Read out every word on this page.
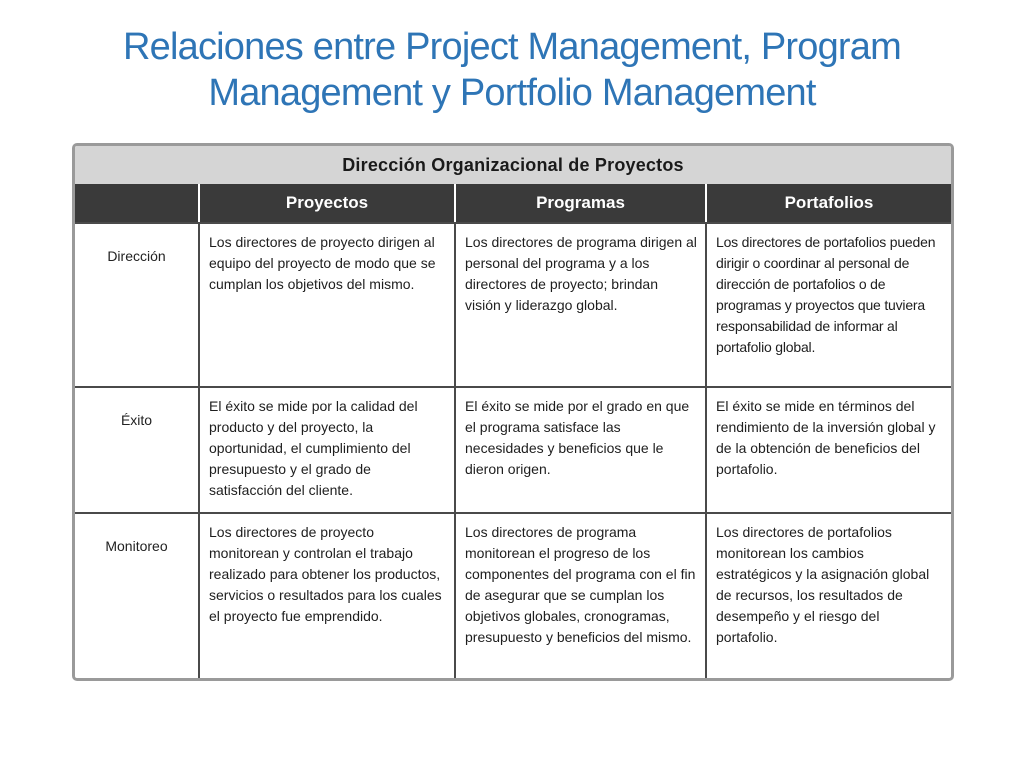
Relaciones entre Project Management, Program
Management y Portfolio Management
Dirección Organizacional de Proyectos
Proyectos	Programas	Portafolios
Dirección
Los directores de proyecto dirigen al equipo del proyecto de modo que se cumplan los objetivos del mismo.
Los directores de programa dirigen al personal del programa y a los directores de proyecto; brindan visión y liderazgo global.
Los directores de portafolios pueden dirigir o coordinar al personal de dirección de portafolios o de programas y proyectos que tuviera responsabilidad de informar al portafolio global.
Éxito
El éxito se mide por la calidad del producto y del proyecto, la oportunidad, el cumplimiento del presupuesto y el grado de satisfacción del cliente.
El éxito se mide por el grado en que el programa satisface las necesidades y beneficios que le dieron origen.
El éxito se mide en términos del rendimiento de la inversión global y de la obtención de beneficios del portafolio.
Monitoreo
Los directores de proyecto monitorean y controlan el trabajo realizado para obtener los productos, servicios o resultados para los cuales el proyecto fue emprendido.
Los directores de programa monitorean el progreso de los componentes del programa con el fin de asegurar que se cumplan los objetivos globales, cronogramas, presupuesto y beneficios del mismo.
Los directores de portafolios monitorean los cambios estratégicos y la asignación global de recursos, los resultados de desempeño y el riesgo del portafolio.
